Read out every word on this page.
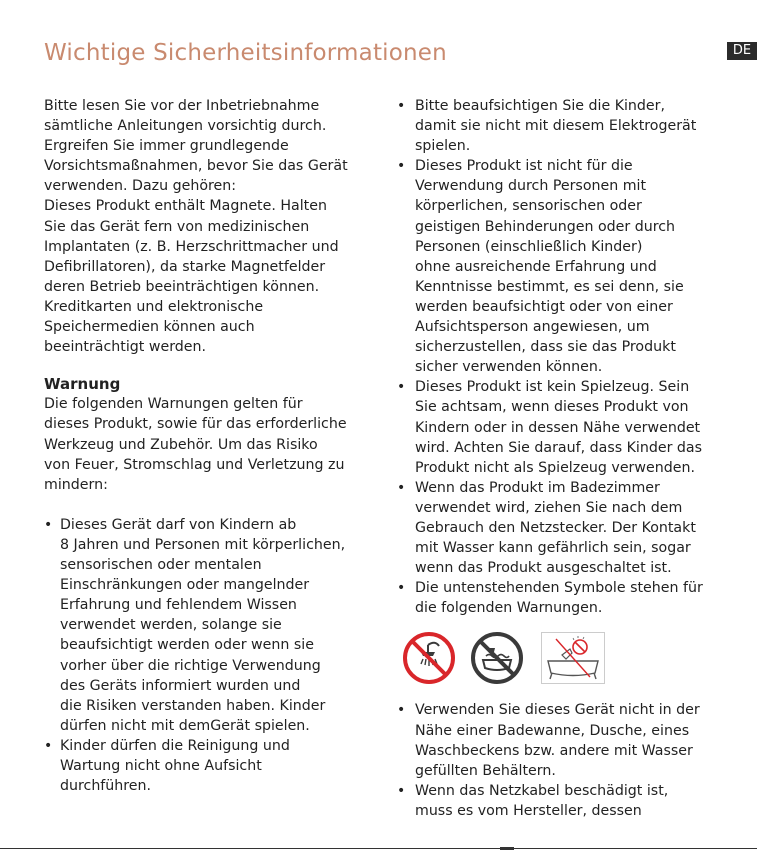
Wichtige Sicherheitsinformationen	DE
Bitte lesen Sie vor der Inbetriebnahme
sämtliche Anleitungen vorsichtig durch.
Ergreifen Sie immer grundlegende
Vorsichtsmaßnahmen, bevor Sie das Gerät
verwenden. Dazu gehören:
Dieses Produkt enthält Magnete. Halten
Sie das Gerät fern von medizinischen
Implantaten (z. B. Herzschrittmacher und
Defibrillatoren), da starke Magnetfelder
deren Betrieb beeinträchtigen können.
Kreditkarten und elektronische
Speichermedien können auch
beeinträchtigt werden.
Warnung
Die folgenden Warnungen gelten für
dieses Produkt, sowie für das erforderliche
Werkzeug und Zubehör. Um das Risiko
von Feuer, Stromschlag und Verletzung zu
mindern:
• Dieses Gerät darf von Kindern ab
8 Jahren und Personen mit körperlichen,
sensorischen oder mentalen
Einschränkungen oder mangelnder
Erfahrung und fehlendem Wissen
verwendet werden, solange sie
beaufsichtigt werden oder wenn sie
vorher über die richtige Verwendung
des Geräts informiert wurden und
die Risiken verstanden haben. Kinder
dürfen nicht mit demGerät spielen.
• Kinder dürfen die Reinigung und
Wartung nicht ohne Aufsicht
durchführen.
• Bitte beaufsichtigen Sie die Kinder,
damit sie nicht mit diesem Elektrogerät
spielen.
• Dieses Produkt ist nicht für die
Verwendung durch Personen mit
körperlichen, sensorischen oder
geistigen Behinderungen oder durch
Personen (einschließlich Kinder)
ohne ausreichende Erfahrung und
Kenntnisse bestimmt, es sei denn, sie
werden beaufsichtigt oder von einer
Aufsichtsperson angewiesen, um
sicherzustellen, dass sie das Produkt
sicher verwenden können.
• Dieses Produkt ist kein Spielzeug. Sein
Sie achtsam, wenn dieses Produkt von
Kindern oder in dessen Nähe verwendet
wird. Achten Sie darauf, dass Kinder das
Produkt nicht als Spielzeug verwenden.
• Wenn das Produkt im Badezimmer
verwendet wird, ziehen Sie nach dem
Gebrauch den Netzstecker. Der Kontakt
mit Wasser kann gefährlich sein, sogar
wenn das Produkt ausgeschaltet ist.
• Die untenstehenden Symbole stehen für
die folgenden Warnungen.
• Verwenden Sie dieses Gerät nicht in der
Nähe einer Badewanne, Dusche, eines
Waschbeckens bzw. andere mit Wasser
gefüllten Behältern.
• Wenn das Netzkabel beschädigt ist,
muss es vom Hersteller, dessen
